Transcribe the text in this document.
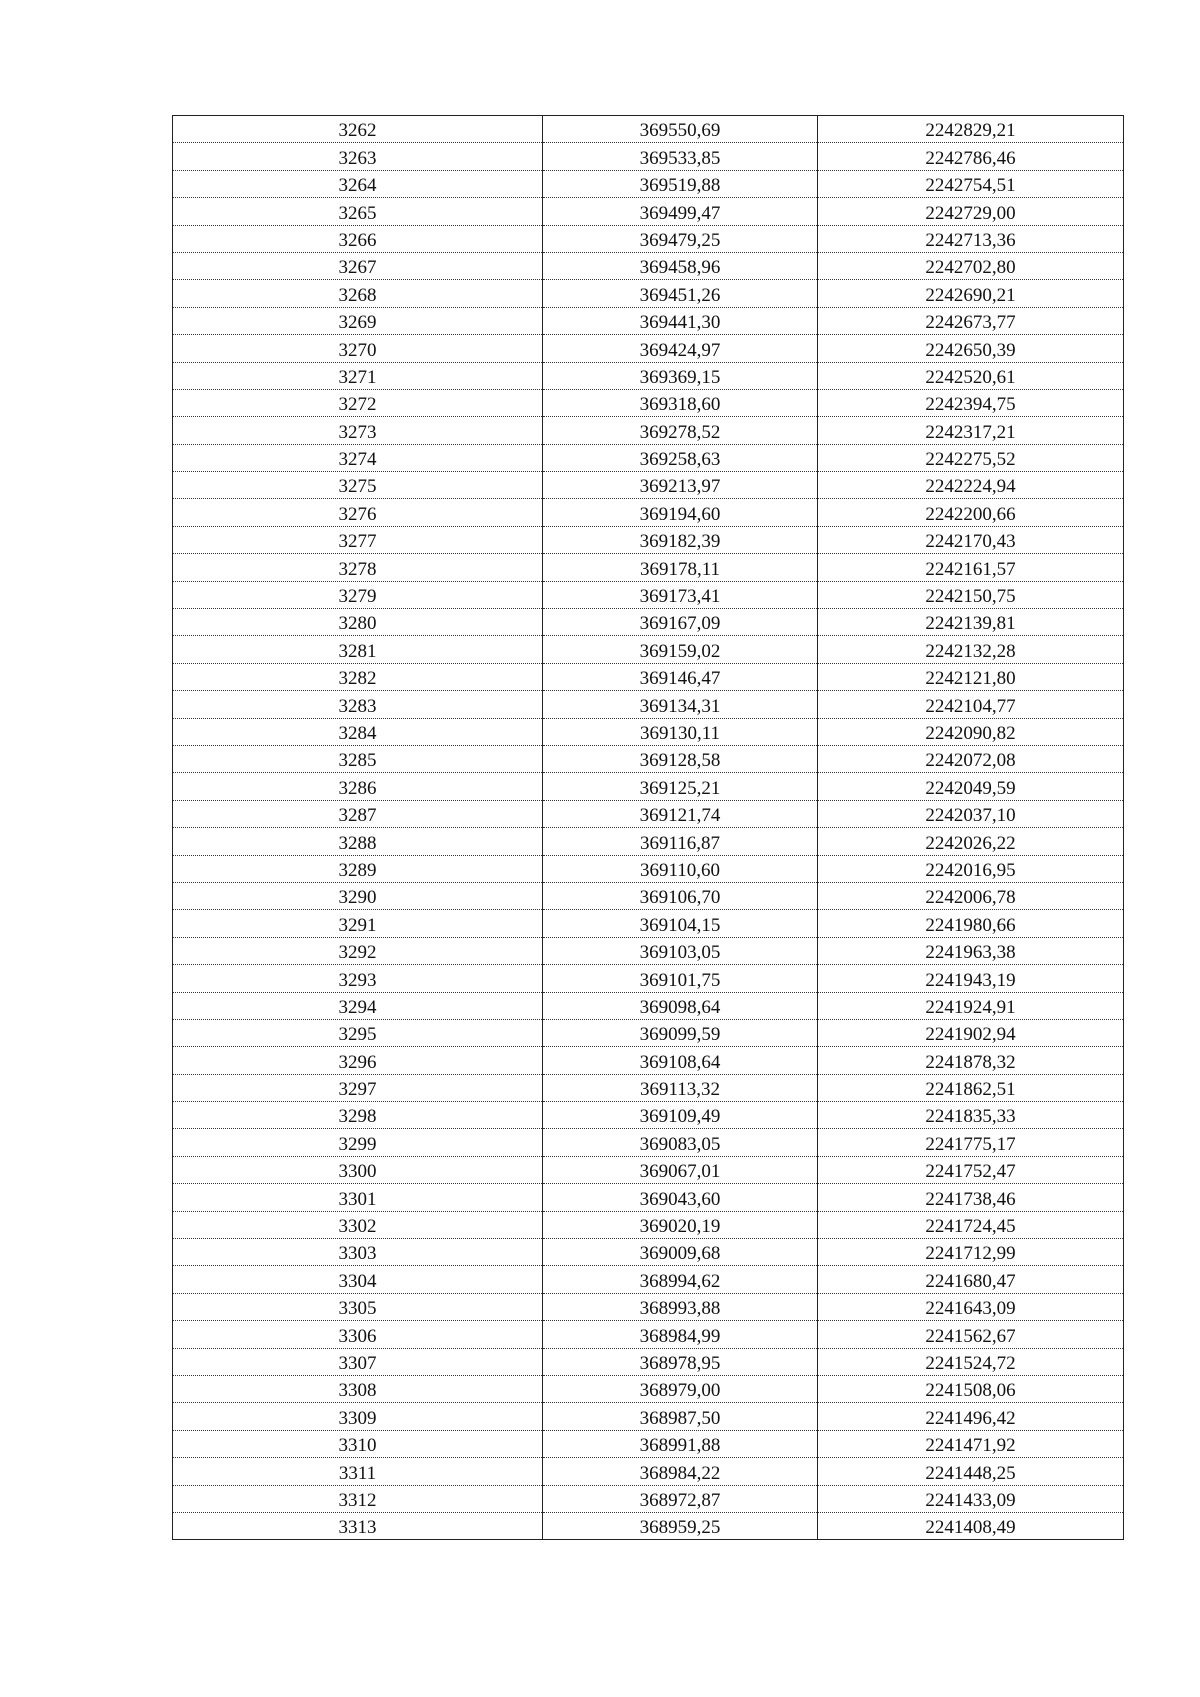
3262	369550,69	2242829,21
3263	369533,85	2242786,46
3264	369519,88	2242754,51
3265	369499,47	2242729,00
3266	369479,25	2242713,36
3267	369458,96	2242702,80
3268	369451,26	2242690,21
3269	369441,30	2242673,77
3270	369424,97	2242650,39
3271	369369,15	2242520,61
3272	369318,60	2242394,75
3273	369278,52	2242317,21
3274	369258,63	2242275,52
3275	369213,97	2242224,94
3276	369194,60	2242200,66
3277	369182,39	2242170,43
3278	369178,11	2242161,57
3279	369173,41	2242150,75
3280	369167,09	2242139,81
3281	369159,02	2242132,28
3282	369146,47	2242121,80
3283	369134,31	2242104,77
3284	369130,11	2242090,82
3285	369128,58	2242072,08
3286	369125,21	2242049,59
3287	369121,74	2242037,10
3288	369116,87	2242026,22
3289	369110,60	2242016,95
3290	369106,70	2242006,78
3291	369104,15	2241980,66
3292	369103,05	2241963,38
3293	369101,75	2241943,19
3294	369098,64	2241924,91
3295	369099,59	2241902,94
3296	369108,64	2241878,32
3297	369113,32	2241862,51
3298	369109,49	2241835,33
3299	369083,05	2241775,17
3300	369067,01	2241752,47
3301	369043,60	2241738,46
3302	369020,19	2241724,45
3303	369009,68	2241712,99
3304	368994,62	2241680,47
3305	368993,88	2241643,09
3306	368984,99	2241562,67
3307	368978,95	2241524,72
3308	368979,00	2241508,06
3309	368987,50	2241496,42
3310	368991,88	2241471,92
3311	368984,22	2241448,25
3312	368972,87	2241433,09
3313	368959,25	2241408,49
